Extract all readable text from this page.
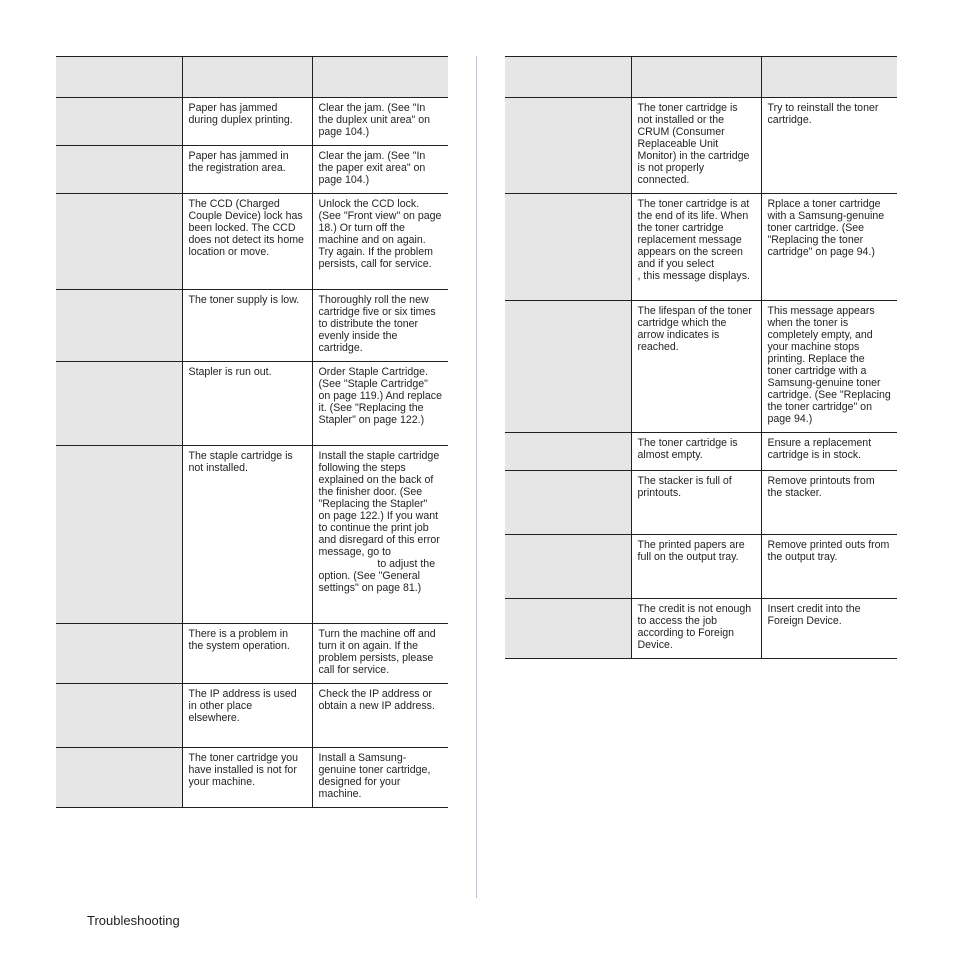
	Paper has jammed during duplex printing.	Clear the jam. (See "In the duplex unit area" on page 104.)

	Paper has jammed in the registration area.	Clear the jam. (See "In the paper exit area" on page 104.)

	The CCD (Charged Couple Device) lock has been locked. The CCD does not detect its home location or move.	Unlock the CCD lock. (See "Front view" on page 18.) Or turn off the machine and on again. Try again. If the problem persists, call for service.

	The toner supply is low.	Thoroughly roll the new cartridge five or six times to distribute the toner evenly inside the cartridge.

	Stapler is run out.	Order Staple Cartridge. (See "Staple Cartridge" on page 119.) And replace it. (See "Replacing the Stapler" on page 122.)

	The staple cartridge is not installed.	Install the staple cartridge following the steps explained on the back of the finisher door. (See "Replacing the Stapler" on page 122.) If you want to continue the print job and disregard of this error message, go to
to adjust the option. (See "General settings" on page 81.)

	There is a problem in the system operation.	Turn the machine off and turn it on again. If the problem persists, please call for service.

	The IP address is used in other place elsewhere.	Check the IP address or obtain a new IP address.

	The toner cartridge you have installed is not for your machine.	Install a Samsung-genuine toner cartridge, designed for your machine.

	The toner cartridge is not installed or the CRUM (Consumer Replaceable Unit Monitor) in the cartridge is not properly connected.	Try to reinstall the toner cartridge.

	The toner cartridge is at the end of its life. When the toner cartridge replacement message appears on the screen and if you select                , this message displays.	Rplace a toner cartridge with a Samsung-genuine toner cartridge. (See "Replacing the toner cartridge" on page 94.)

	The lifespan of the toner cartridge which the arrow indicates is reached.	This message appears when the toner is completely empty, and your machine stops printing. Replace the toner cartridge with a Samsung-genuine toner cartridge. (See "Replacing the toner cartridge" on page 94.)

	The toner cartridge is almost empty.	Ensure a replacement cartridge is in stock.

	The stacker is full of printouts.	Remove printouts from the stacker.

	The printed papers are full on the output tray.	Remove printed outs from the output tray.

	The credit is not enough to access the job according to Foreign Device.	Insert credit into the Foreign Device.
Troubleshooting
